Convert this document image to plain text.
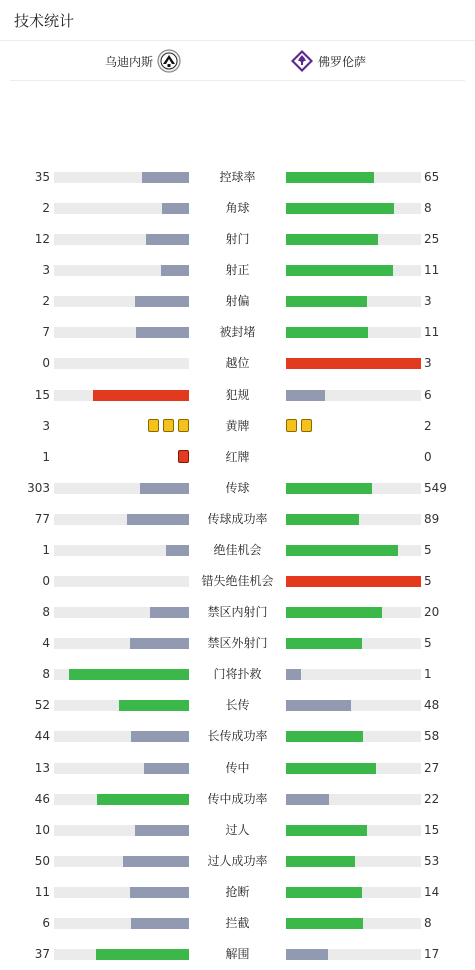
技术统计
乌迪内斯	佛罗伦萨
35	控球率	65
2	角球	8
12	射门	25
3	射正	11
2	射偏	3
7	被封堵	11
0	越位	3
15	犯规	6
3	黄牌	2
1	红牌	0
303	传球	549
77	传球成功率	89
1	绝佳机会	5
0	错失绝佳机会	5
8	禁区内射门	20
4	禁区外射门	5
8	门将扑救	1
52	长传	48
44	长传成功率	58
13	传中	27
46	传中成功率	22
10	过人	15
50	过人成功率	53
11	抢断	14
6	拦截	8
37	解围	17
